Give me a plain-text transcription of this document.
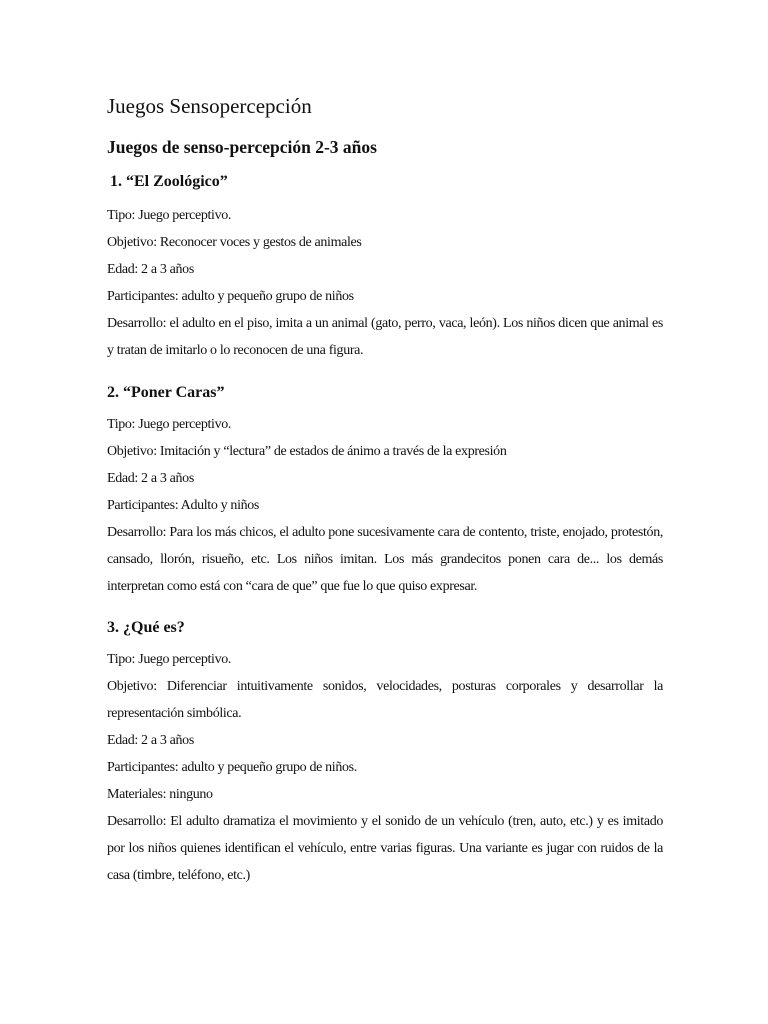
Juegos Sensopercepción
Juegos de senso-percepción 2-3 años
1. “El Zoológico”

Tipo: Juego perceptivo.

Objetivo: Reconocer voces y gestos de animales

Edad: 2 a 3 años

Participantes: adulto y pequeño grupo de niños

Desarrollo: el adulto en el piso, imita a un animal (gato, perro, vaca, león). Los niños dicen que animal es y tratan de imitarlo o lo reconocen de una figura.

2. “Poner Caras”

Tipo: Juego perceptivo.

Objetivo: Imitación y “lectura” de estados de ánimo a través de la expresión

Edad: 2 a 3 años

Participantes: Adulto y niños

Desarrollo: Para los más chicos, el adulto pone sucesivamente cara de contento, triste, enojado, protestón, cansado, llorón, risueño, etc. Los niños imitan. Los más grandecitos ponen cara de... los demás interpretan como está con “cara de que” que fue lo que quiso expresar.

3. ¿Qué es?

Tipo: Juego perceptivo.

Objetivo: Diferenciar intuitivamente sonidos, velocidades, posturas corporales y desarrollar la representación simbólica.

Edad: 2 a 3 años

Participantes: adulto y pequeño grupo de niños.

Materiales: ninguno

Desarrollo: El adulto dramatiza el movimiento y el sonido de un vehículo (tren, auto, etc.) y es imitado por los niños quienes identifican el vehículo, entre varias figuras. Una variante es jugar con ruidos de la casa (timbre, teléfono, etc.)
